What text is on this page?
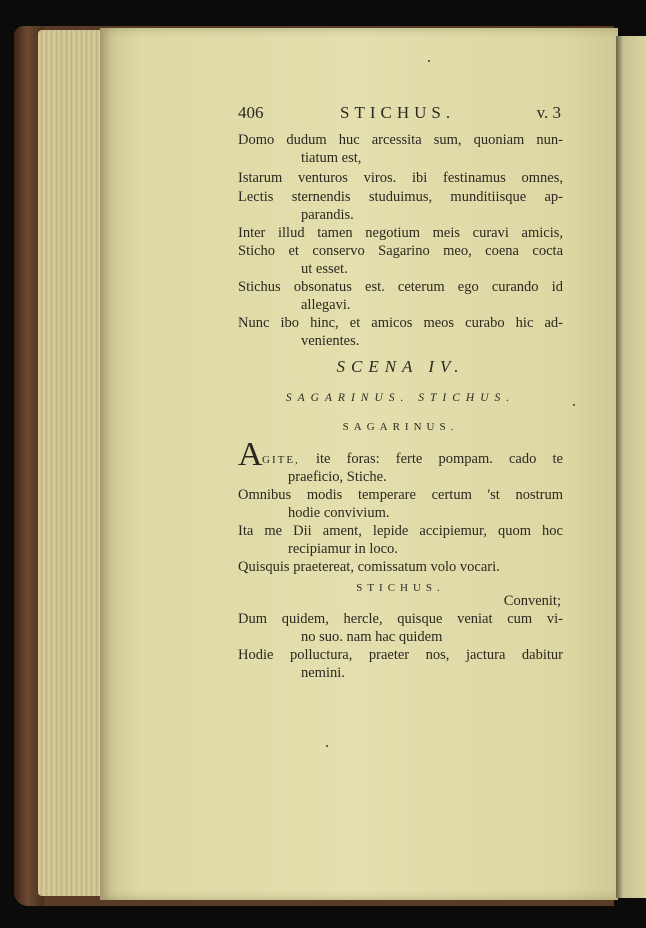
406	STICHUS.	v. 3
Domo dudum huc arcessita sum, quoniam nun-
tiatum est,
Istarum venturos viros. ibi festinamus omnes,
Lectis sternendis studuimus, munditiisque ap-
parandis.
Inter illud tamen negotium meis curavi amicis,
Sticho et conservo Sagarino meo, coena cocta
ut esset.
Stichus obsonatus est. ceterum ego curando id
allegavi.
Nunc ibo hinc, et amicos meos curabo hic ad-
venientes.
SCENA IV.
SAGARINUS. STICHUS.
SAGARINUS.
A GITE, ite foras: ferte pompam. cado te
praeficio, Stiche.
Omnibus modis temperare certum 'st nostrum
hodie convivium.
Ita me Dii ament, lepide accipiemur, quom hoc
recipiamur in loco.
Quisquis praetereat, comissatum volo vocari.
STICHUS.
Convenit;
Dum quidem, hercle, quisque veniat cum vi-
no suo. nam hac quidem
Hodie polluctura, praeter nos, jactura dabitur
nemini.
